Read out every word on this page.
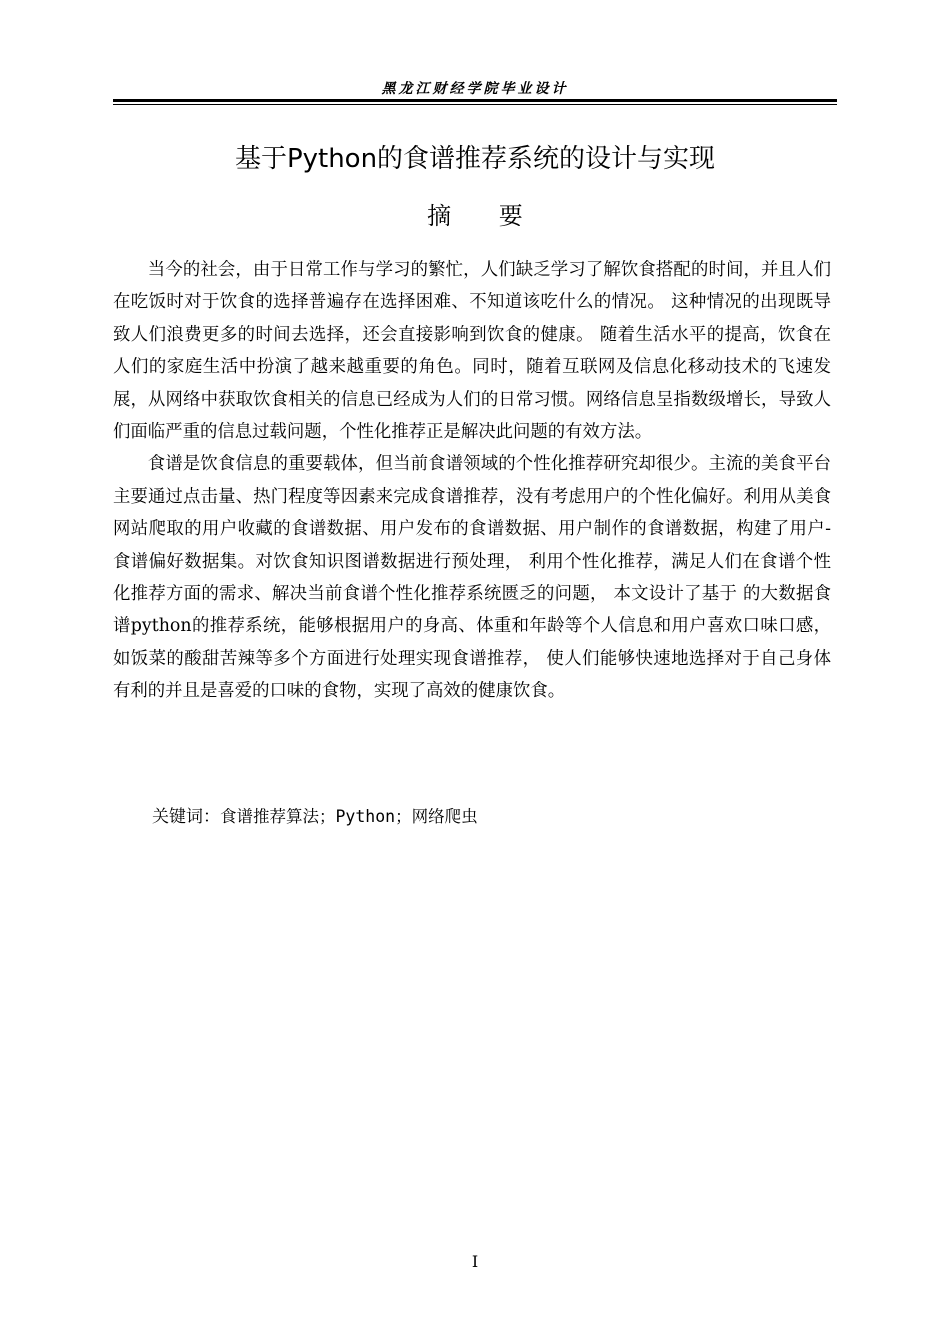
黑龙江财经学院毕业设计
基于Python的食谱推荐系统的设计与实现
摘 要

当今的社会，由于日常工作与学习的繁忙，人们缺乏学习了解饮食搭配的时间，并且人们在吃饭时对于饮食的选择普遍存在选择困难、不知道该吃什么的情况。 这种情况的出现既导致人们浪费更多的时间去选择，还会直接影响到饮食的健康。 随着生活水平的提高，饮食在人们的家庭生活中扮演了越来越重要的角色。同时，随着互联网及信息化移动技术的飞速发展，从网络中获取饮食相关的信息已经成为人们的日常习惯。网络信息呈指数级增长，导致人们面临严重的信息过载问题，个性化推荐正是解决此问题的有效方法。

食谱是饮食信息的重要载体，但当前食谱领域的个性化推荐研究却很少。主流的美食平台主要通过点击量、热门程度等因素来完成食谱推荐，没有考虑用户的个性化偏好。利用从美食网站爬取的用户收藏的食谱数据、用户发布的食谱数据、用户制作的食谱数据，构建了用户-食谱偏好数据集。对饮食知识图谱数据进行预处理， 利用个性化推荐，满足人们在食谱个性化推荐方面的需求、解决当前食谱个性化推荐系统匮乏的问题， 本文设计了基于 的大数据食谱python的推荐系统，能够根据用户的身高、体重和年龄等个人信息和用户喜欢口味口感， 如饭菜的酸甜苦辣等多个方面进行处理实现食谱推荐， 使人们能够快速地选择对于自己身体有利的并且是喜爱的口味的食物，实现了高效的健康饮食。

关键词：食谱推荐算法；Python；网络爬虫
I
